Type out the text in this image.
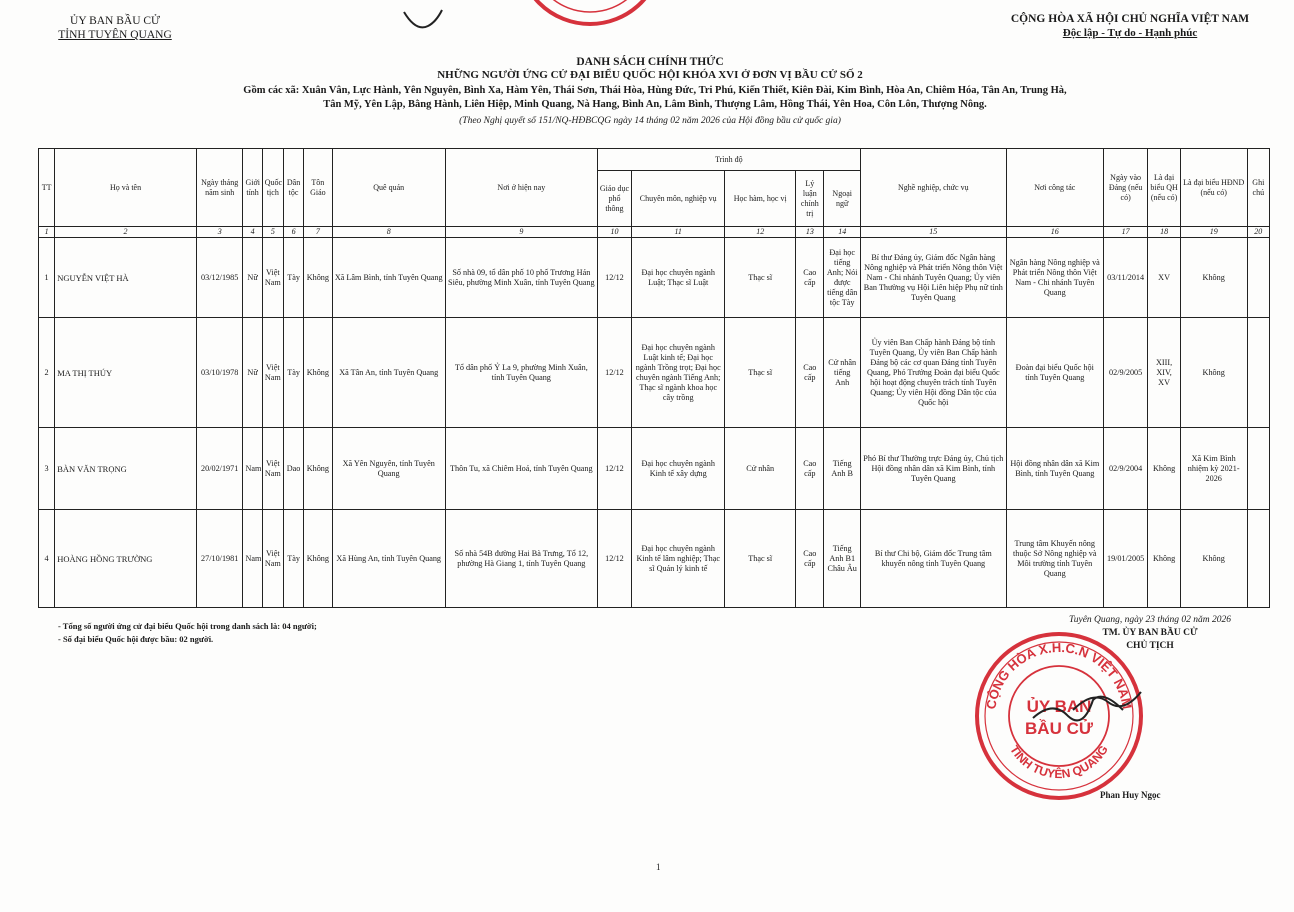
ỦY BAN BẦU CỬ
TỈNH TUYÊN QUANG
CỘNG HÒA XÃ HỘI CHỦ NGHĨA VIỆT NAM
Độc lập - Tự do - Hạnh phúc
DANH SÁCH CHÍNH THỨC
NHỮNG NGƯỜI ỨNG CỬ ĐẠI BIỂU QUỐC HỘI KHÓA XVI Ở ĐƠN VỊ BẦU CỬ SỐ 2
Gồm các xã: Xuân Vân, Lực Hành, Yên Nguyên, Bình Xa, Hàm Yên, Thái Sơn, Thái Hòa, Hùng Đức, Tri Phú, Kiến Thiết, Kiên Đài, Kim Bình, Hòa An, Chiêm Hóa, Tân An, Trung Hà,
Tân Mỹ, Yên Lập, Bằng Hành, Liên Hiệp, Minh Quang, Nà Hang, Bình An, Lâm Bình, Thượng Lâm, Hồng Thái, Yên Hoa, Côn Lôn, Thượng Nông.
(Theo Nghị quyết số 151/NQ-HĐBCQG ngày 14 tháng 02 năm 2026 của Hội đồng bầu cử quốc gia)
TT	Họ và tên	Ngày tháng năm sinh	Giới tính	Quốc tịch	Dân tộc	Tôn Giáo	Quê quán	Nơi ở hiện nay	Trình độ					Nghề nghiệp, chức vụ	Nơi công tác	Ngày vào Đảng (nếu có)	Là đại biểu QH (nếu có)	Là đại biểu HĐND (nếu có)	Ghi chú
									Giáo dục phổ thông	Chuyên môn, nghiệp vụ	Học hàm, học vị	Lý luận chính trị	Ngoại ngữ						
1	2	3	4	5	6	7	8	9	10	11	12	13	14	15	16	17	18	19	20
1	NGUYỄN VIỆT HÀ	03/12/1985	Nữ	Việt Nam	Tày	Không	Xã Lâm Bình, tỉnh Tuyên Quang	Số nhà 09, tổ dân phố 10 phố Trương Hán Siêu, phường Minh Xuân, tỉnh Tuyên Quang	12/12	Đại học chuyên ngành Luật; Thạc sĩ Luật	Thạc sĩ	Cao cấp	Đại học tiếng Anh; Nói được tiếng dân tộc Tày	Bí thư Đảng ủy, Giám đốc Ngân hàng Nông nghiệp và Phát triển Nông thôn Việt Nam - Chi nhánh Tuyên Quang; Ủy viên Ban Thường vụ Hội Liên hiệp Phụ nữ tỉnh Tuyên Quang	Ngân hàng Nông nghiệp và Phát triển Nông thôn Việt Nam - Chi nhánh Tuyên Quang	03/11/2014	XV	Không	
2	MA THỊ THÚY	03/10/1978	Nữ	Việt Nam	Tày	Không	Xã Tân An, tỉnh Tuyên Quang	Tổ dân phố Ỷ La 9, phường Minh Xuân, tỉnh Tuyên Quang	12/12	Đại học chuyên ngành Luật kinh tế; Đại học ngành Trồng trọt; Đại học chuyên ngành Tiếng Anh; Thạc sĩ ngành khoa học cây trồng	Thạc sĩ	Cao cấp	Cử nhân tiếng Anh	Ủy viên Ban Chấp hành Đảng bộ tỉnh Tuyên Quang, Ủy viên Ban Chấp hành Đảng bộ các cơ quan Đảng tỉnh Tuyên Quang, Phó Trưởng Đoàn đại biểu Quốc hội hoạt động chuyên trách tỉnh Tuyên Quang; Ủy viên Hội đồng Dân tộc của Quốc hội	Đoàn đại biểu Quốc hội tỉnh Tuyên Quang	02/9/2005	XIII, XIV, XV	Không	
3	BÀN VĂN TRỌNG	20/02/1971	Nam	Việt Nam	Dao	Không	Xã Yên Nguyên, tỉnh Tuyên Quang	Thôn Tu, xã Chiêm Hoá, tỉnh Tuyên Quang	12/12	Đại học chuyên ngành Kinh tế xây dựng	Cử nhân	Cao cấp	Tiếng Anh B	Phó Bí thư Thường trực Đảng ủy, Chủ tịch Hội đồng nhân dân xã Kim Bình, tỉnh Tuyên Quang	Hội đồng nhân dân xã Kim Bình, tỉnh Tuyên Quang	02/9/2004	Không	Xã Kim Bình nhiệm kỳ 2021-2026	
4	HOÀNG HỒNG TRƯỜNG	27/10/1981	Nam	Việt Nam	Tày	Không	Xã Hùng An, tỉnh Tuyên Quang	Số nhà 54B đường Hai Bà Trưng, Tổ 12, phường Hà Giang 1, tỉnh Tuyên Quang	12/12	Đại học chuyên ngành Kinh tế lâm nghiệp; Thạc sĩ Quản lý kinh tế	Thạc sĩ	Cao cấp	Tiếng Anh B1 Châu Âu	Bí thư Chi bộ, Giám đốc Trung tâm khuyến nông tỉnh Tuyên Quang	Trung tâm Khuyến nông thuộc Sở Nông nghiệp và Môi trường tỉnh Tuyên Quang	19/01/2005	Không	Không	
- Tổng số người ứng cử đại biểu Quốc hội trong danh sách là: 04 người;
- Số đại biểu Quốc hội được bầu: 02 người.
Tuyên Quang, ngày 23 tháng 02 năm 2026
TM. ỦY BAN BẦU CỬ
CHỦ TỊCH
CỘNG HÒA X.H.C.N VIỆT NAM
TỈNH TUYÊN QUANG
ỦY BAN
BẦU CỬ
Phan Huy Ngọc
1
